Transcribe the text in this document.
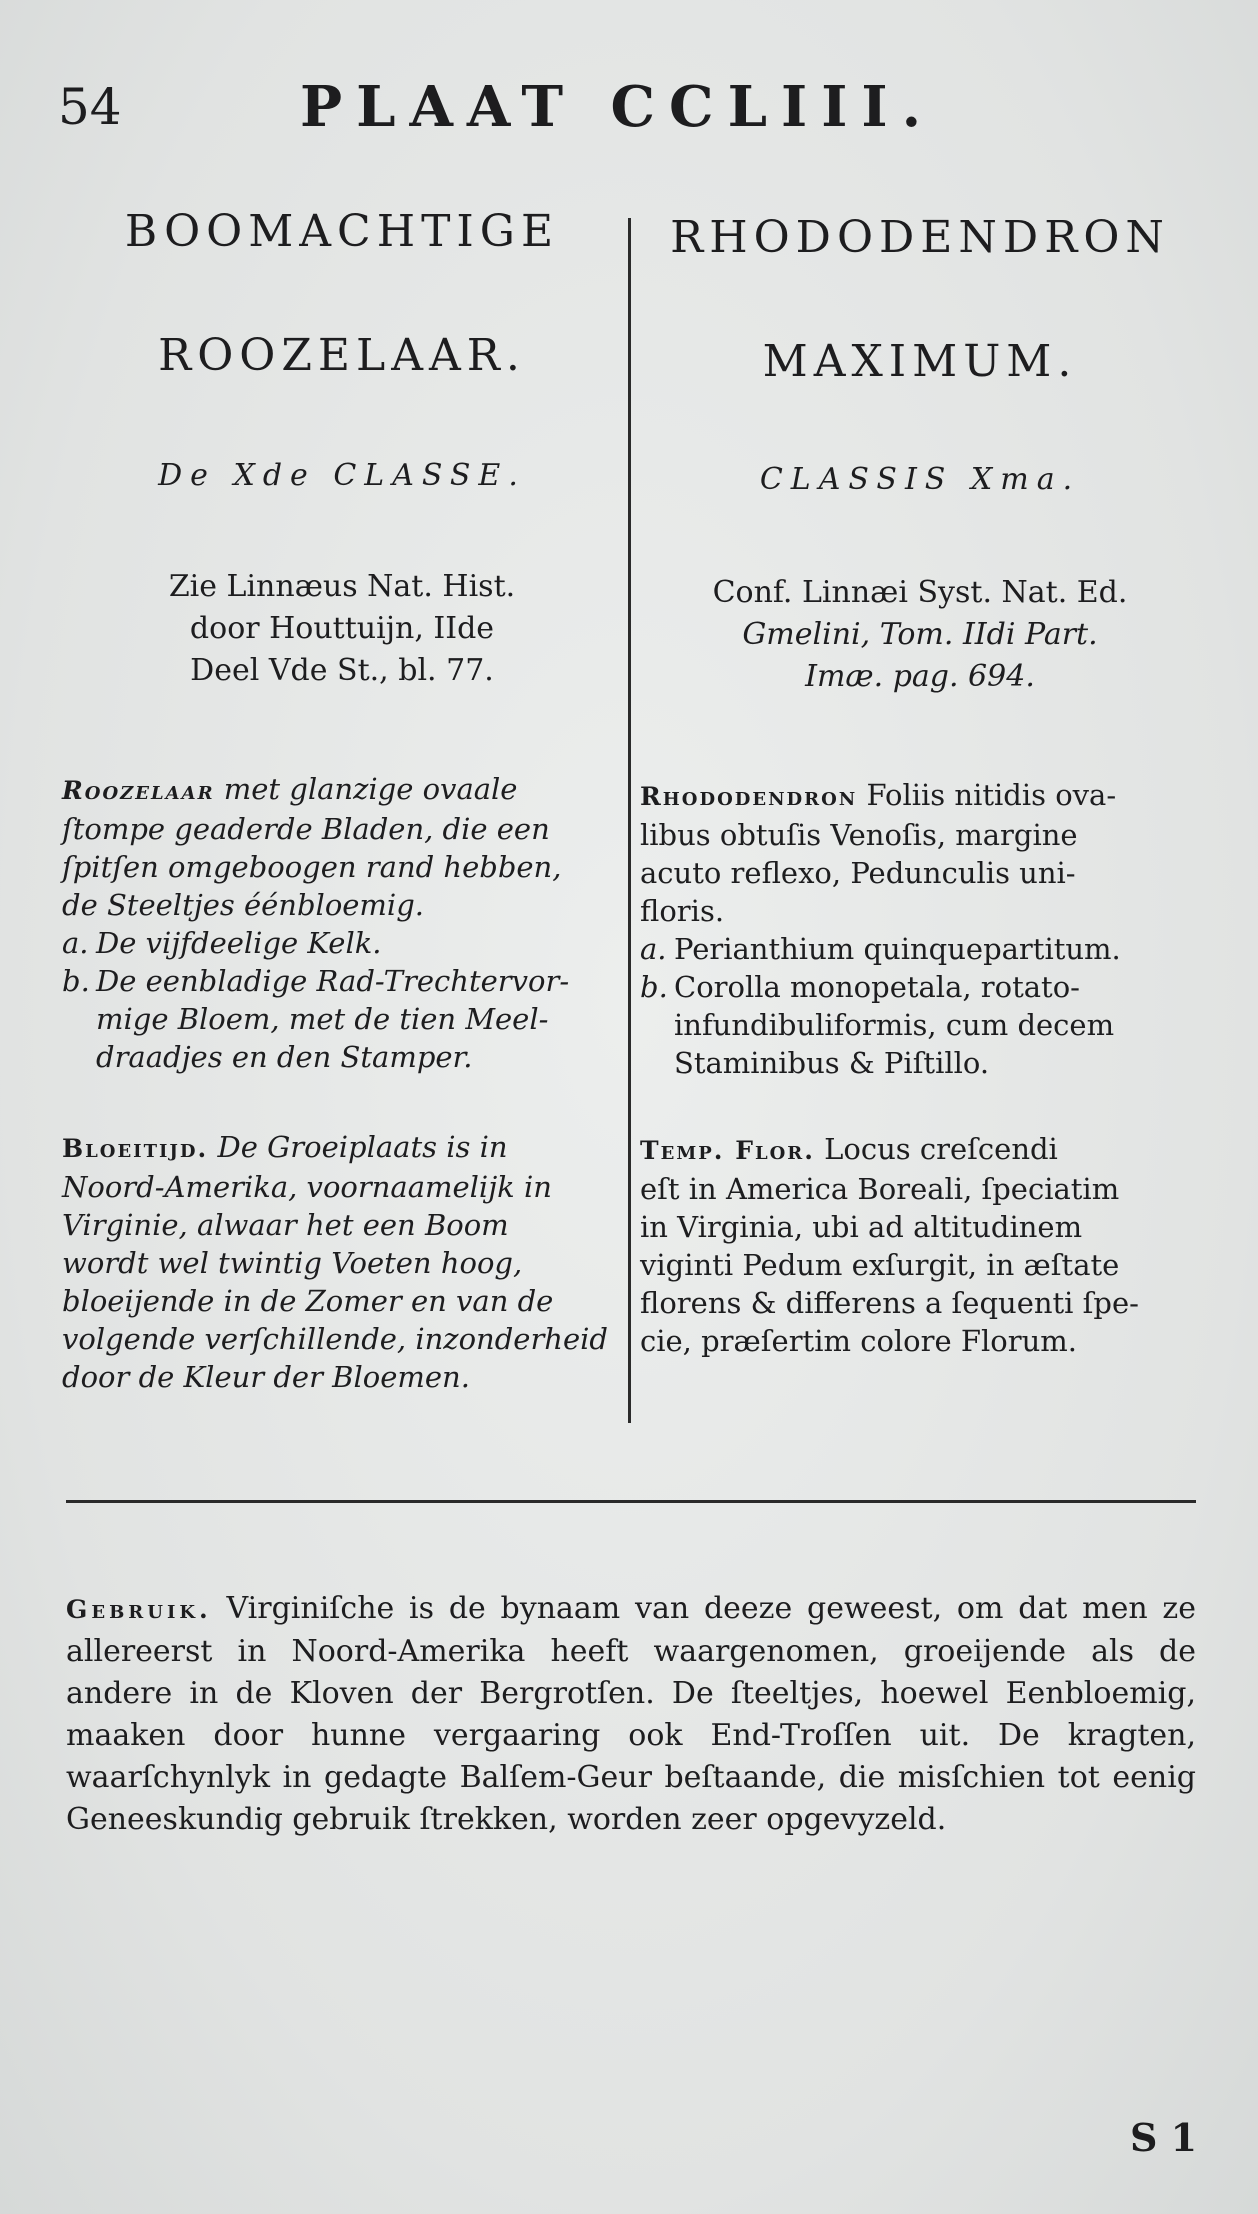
54	PLAAT CCLIII.
BOOMACHTIGE
ROOZELAAR.
De Xde CLASSE.
Zie Linnæus Nat. Hist.
door Houttuijn, IIde
Deel Vde St., bl. 77.
Roozelaar met glanzige ovaale
ſtompe geaderde Bladen, die een
ſpitſen omgeboogen rand hebben,
de Steeltjes éénbloemig.
a. De vijfdeelige Kelk.
b. De eenbladige Rad-Trechtervor-
mige Bloem, met de tien Meel-
draadjes en den Stamper.
Bloeitijd. De Groeiplaats is in
Noord-Amerika, voornaamelijk in
Virginie, alwaar het een Boom
wordt wel twintig Voeten hoog,
bloeijende in de Zomer en van de
volgende verſchillende, inzonderheid
door de Kleur der Bloemen.
RHODODENDRON
MAXIMUM.
CLASSIS Xma.
Conf. Linnæi Syst. Nat. Ed.
Gmelini, Tom. IIdi Part.
Imæ. pag. 694.
Rhododendron Foliis nitidis ova-
libus obtuſis Venoſis, margine
acuto reflexo, Pedunculis uni-
floris.
a. Perianthium quinquepartitum.
b. Corolla monopetala, rotato-
infundibuliformis, cum decem
Staminibus & Piſtillo.
Temp. Flor. Locus creſcendi
eſt in America Boreali, ſpeciatim
in Virginia, ubi ad altitudinem
viginti Pedum exſurgit, in æſtate
florens & differens a ſequenti ſpe-
cie, præſertim colore Florum.
Gebruik. Virginiſche is de bynaam van deeze geweest, om dat men ze allereerst in Noord-Amerika heeft waargenomen, groeijende als de andere in de Kloven der Bergrotſen. De ſteeltjes, hoewel Eenbloemig, maaken door hunne vergaaring ook End-Troſſen uit. De kragten, waarſchynlyk in gedagte Balſem-Geur beſtaande, die misſchien tot eenig Geneeskundig gebruik ſtrekken, worden zeer opgevyzeld.
S 1
